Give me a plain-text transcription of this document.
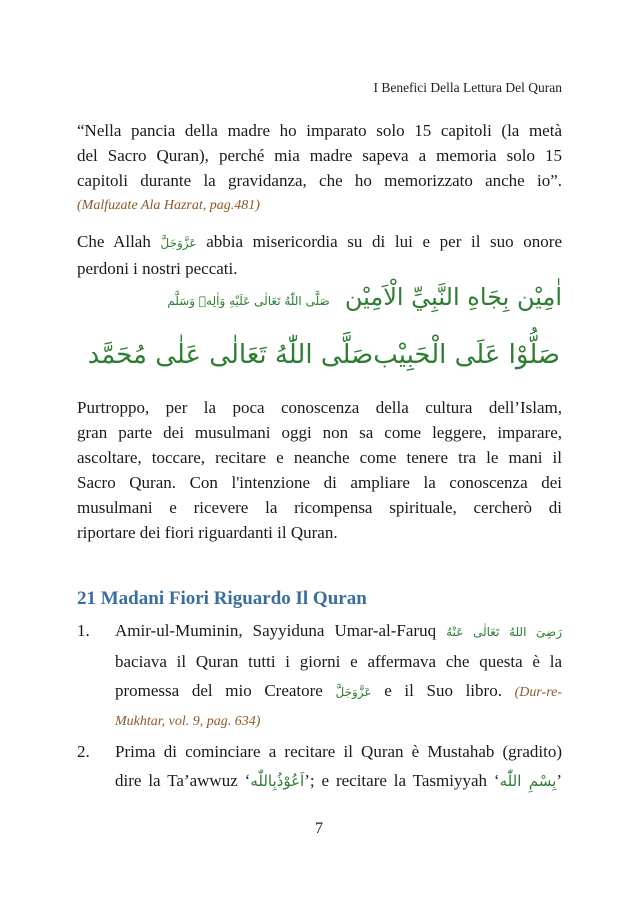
I Benefici Della Lettura Del Quran
“Nella pancia della madre ho imparato solo 15 capitoli (la metà
del Sacro Quran), perché mia madre sapeva a memoria solo 15
capitoli durante la gravidanza, che ho memorizzato anche io”.
(Malfuzate Ala Hazrat, pag.481)
Che Allah عَزَّوَجَلَّ abbia misericordia su di lui e per il suo onore
perdoni i nostri peccati.
اٰمِيْن بِجَاهِ النَّبِيِّ الْاَمِيْن صَلَّى اللّٰهُ تَعَالٰى عَلَيْهِ وَاٰلِهٖ وَسَلَّم
صَلُّوْا عَلَى الْحَبِيْب
صَلَّى اللّٰهُ تَعَالٰى عَلٰى مُحَمَّد
Purtroppo, per la poca conoscenza della cultura dell’Islam,
gran parte dei musulmani oggi non sa come leggere, imparare,
ascoltare, toccare, recitare e neanche come tenere tra le mani il
Sacro Quran. Con l'intenzione di ampliare la conoscenza dei
musulmani e ricevere la ricompensa spirituale, cercherò di
riportare dei fiori riguardanti il Quran.
21 Madani Fiori Riguardo Il Quran
1. Amir-ul-Muminin, Sayyiduna Umar-al-Faruq رَضِیَ اللهُ تَعَالٰی عَنْهُ
baciava il Quran tutti i giorni e affermava che questa è la
promessa del mio Creatore عَزَّوَجَلَّ e il Suo libro. (Dur-re-
Mukhtar, vol. 9, pag. 634)
2. Prima di cominciare a recitare il Quran è Mustahab (gradito)
dire la Ta’awwuz ‘اَعُوْذُبِاللّٰه’; e recitare la Tasmiyyah ‘بِسْمِ اللّٰه’
7
